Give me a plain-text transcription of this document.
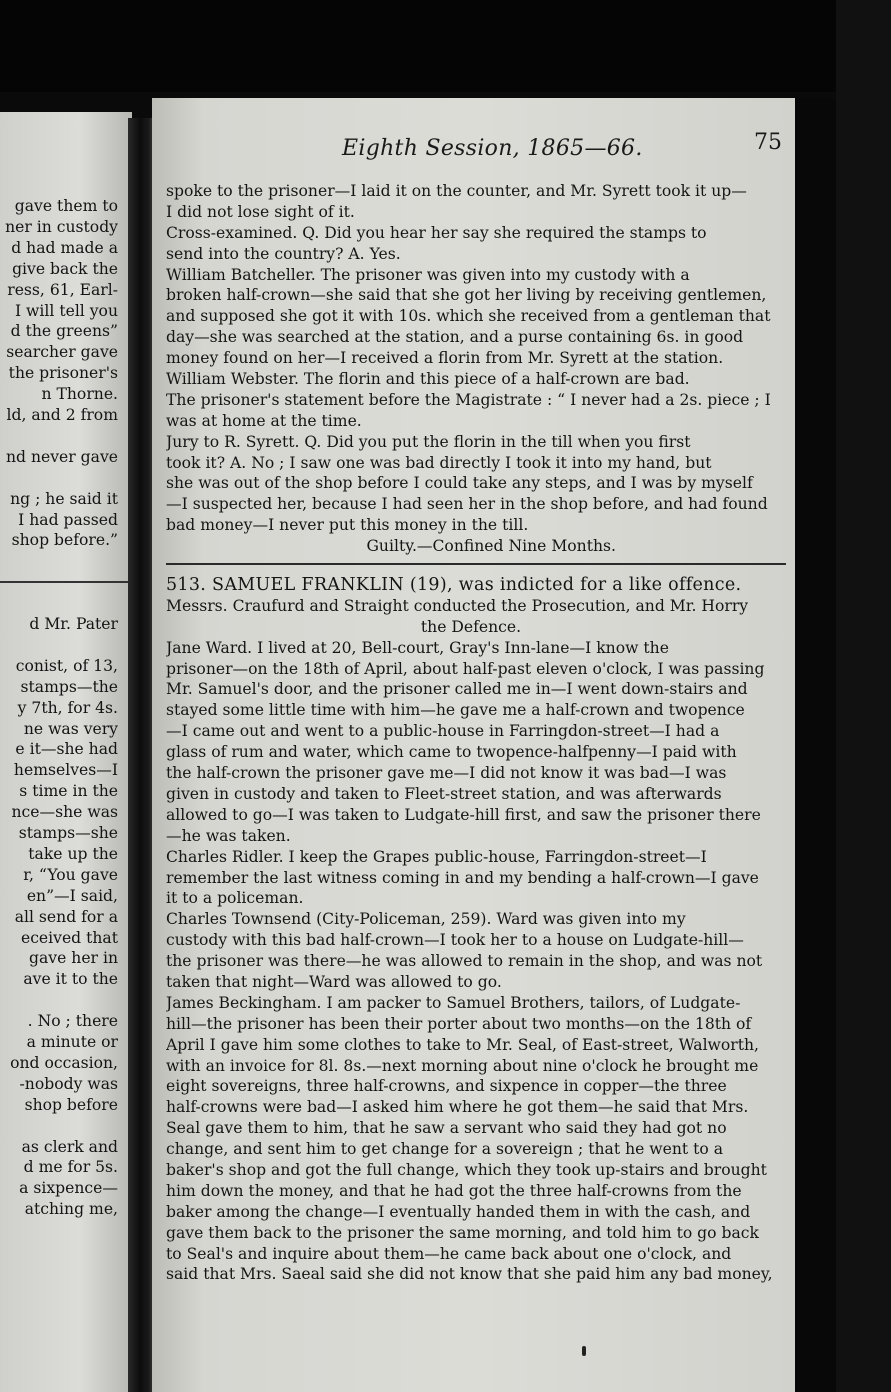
gave them to
ner in custody
d had made a
give back the
ress, 61, Earl-
I will tell you
d the greens”
searcher gave
the prisoner's
n Thorne.
ld, and 2 from
nd never gave
ng ; he said it
I had passed
shop before.”
d Mr. Pater
conist, of 13,
stamps—the
y 7th, for 4s.
ne was very
e it—she had
hemselves—I
s time in the
nce—she was
stamps—she
take up the
r, “You gave
en”—I said,
all send for a
eceived that
gave her in
ave it to the
. No ; there
a minute or
ond occasion,
-nobody was
shop before
as clerk and
d me for 5s.
a sixpence—
atching me,
Eighth Session, 1865—66.	75
spoke to the prisoner—I laid it on the counter, and Mr. Syrett took it up—
I did not lose sight of it.
Cross-examined. Q. Did you hear her say she required the stamps to
send into the country? A. Yes.
William Batcheller. The prisoner was given into my custody with a
broken half-crown—she said that she got her living by receiving gentlemen,
and supposed she got it with 10s. which she received from a gentleman that
day—she was searched at the station, and a purse containing 6s. in good
money found on her—I received a florin from Mr. Syrett at the station.
William Webster. The florin and this piece of a half-crown are bad.
The prisoner's statement before the Magistrate : “ I never had a 2s. piece ; I
was at home at the time.
Jury to R. Syrett. Q. Did you put the florin in the till when you first
took it? A. No ; I saw one was bad directly I took it into my hand, but
she was out of the shop before I could take any steps, and I was by myself
—I suspected her, because I had seen her in the shop before, and had found
bad money—I never put this money in the till.
Guilty.—Confined Nine Months.
513. SAMUEL FRANKLIN (19), was indicted for a like offence.
Messrs. Craufurd and Straight conducted the Prosecution, and Mr. Horry
the Defence.
Jane Ward. I lived at 20, Bell-court, Gray's Inn-lane—I know the
prisoner—on the 18th of April, about half-past eleven o'clock, I was passing
Mr. Samuel's door, and the prisoner called me in—I went down-stairs and
stayed some little time with him—he gave me a half-crown and twopence
—I came out and went to a public-house in Farringdon-street—I had a
glass of rum and water, which came to twopence-halfpenny—I paid with
the half-crown the prisoner gave me—I did not know it was bad—I was
given in custody and taken to Fleet-street station, and was afterwards
allowed to go—I was taken to Ludgate-hill first, and saw the prisoner there
—he was taken.
Charles Ridler. I keep the Grapes public-house, Farringdon-street—I
remember the last witness coming in and my bending a half-crown—I gave
it to a policeman.
Charles Townsend (City-Policeman, 259). Ward was given into my
custody with this bad half-crown—I took her to a house on Ludgate-hill—
the prisoner was there—he was allowed to remain in the shop, and was not
taken that night—Ward was allowed to go.
James Beckingham. I am packer to Samuel Brothers, tailors, of Ludgate-
hill—the prisoner has been their porter about two months—on the 18th of
April I gave him some clothes to take to Mr. Seal, of East-street, Walworth,
with an invoice for 8l. 8s.—next morning about nine o'clock he brought me
eight sovereigns, three half-crowns, and sixpence in copper—the three
half-crowns were bad—I asked him where he got them—he said that Mrs.
Seal gave them to him, that he saw a servant who said they had got no
change, and sent him to get change for a sovereign ; that he went to a
baker's shop and got the full change, which they took up-stairs and brought
him down the money, and that he had got the three half-crowns from the
baker among the change—I eventually handed them in with the cash, and
gave them back to the prisoner the same morning, and told him to go back
to Seal's and inquire about them—he came back about one o'clock, and
said that Mrs. Saeal said she did not know that she paid him any bad money,
